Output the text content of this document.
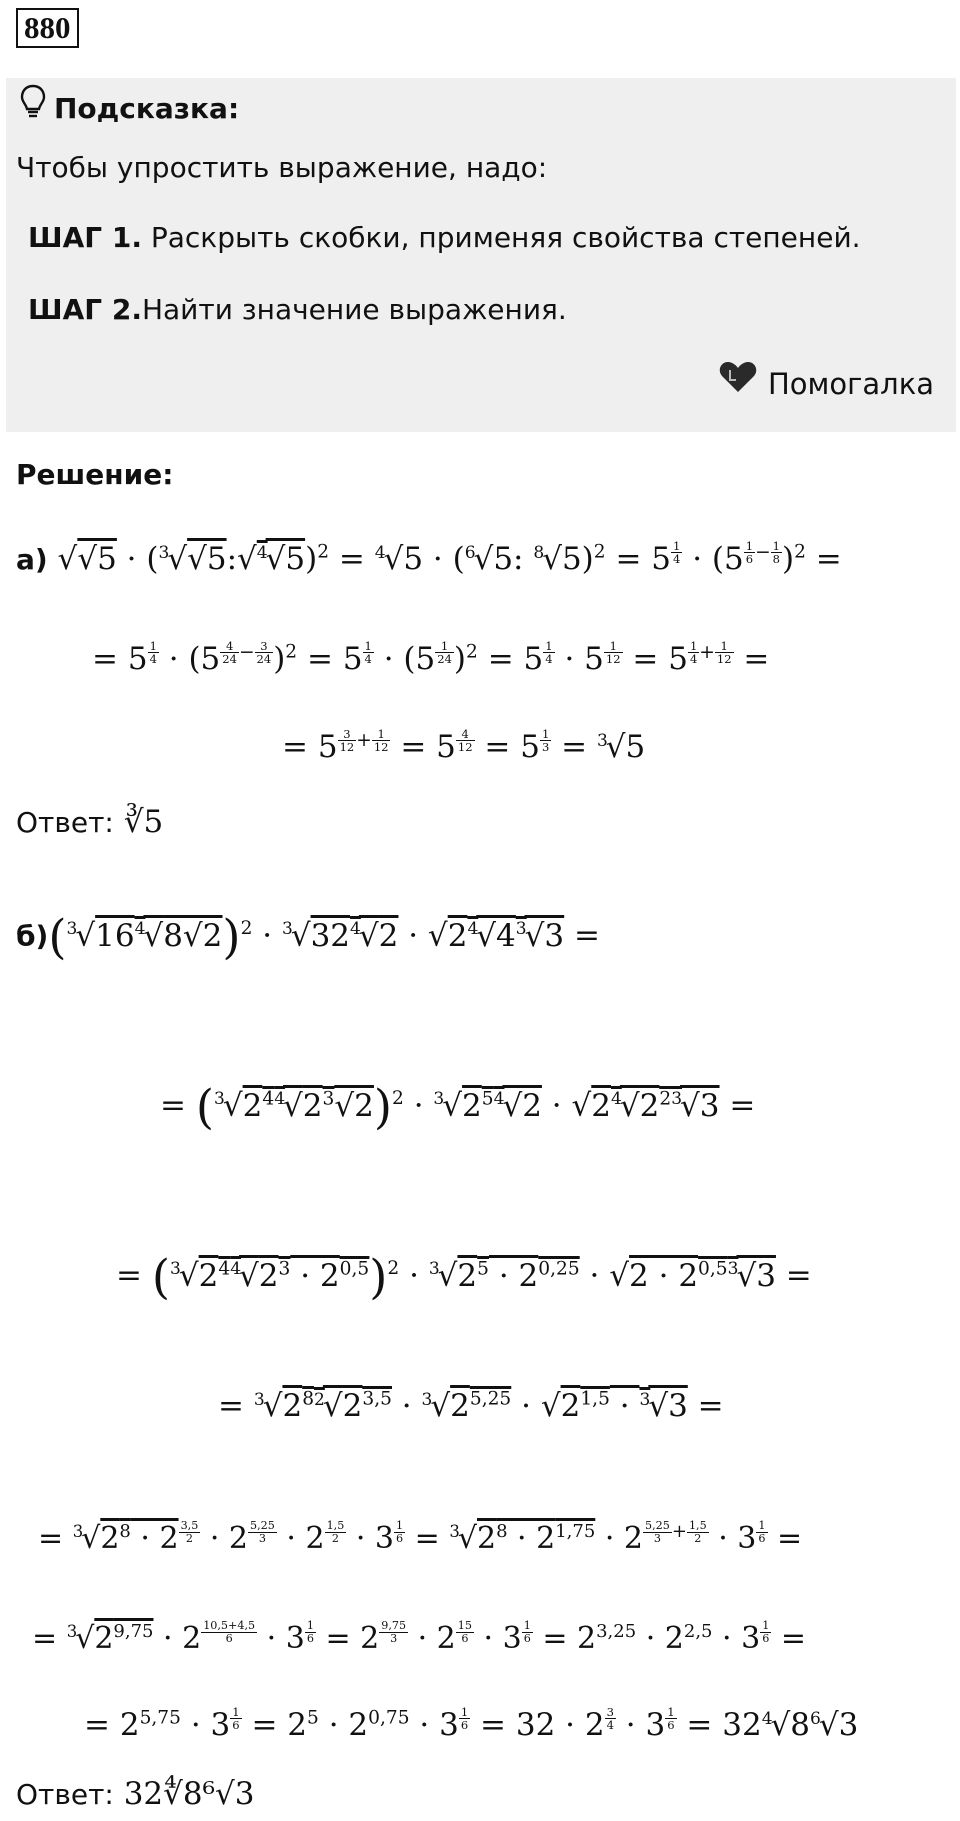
880
Подсказка:
Чтобы упростить выражение, надо:
ШАГ 1. Раскрыть скобки, применяя свойства степеней.
ШАГ 2.Найти значение выражения.
Помогалка
Решение:
а) √√5 · ($^3$√√5:√$^4$√5)$^2$ = $^4$√5 · ($^6$√5: $^8$√5)$^2$ = 5 $^{\frac{1}{4}}$ · (5 $^{\frac{1}{6} - \frac{1}{8}}$ )$^2$ =
= 5 $^{\frac{1}{4}}$ · (5 $^{\frac{4}{24} - \frac{3}{24}}$ )$^2$ = 5 $^{\frac{1}{4}}$ · (5 $^{\frac{1}{24}}$ )$^2$ = 5 $^{\frac{1}{4}}$ · 5 $^{\frac{1}{12}}$ = 5 $^{\frac{1}{4} + \frac{1}{12}}$ =
= 5 $^{\frac{3}{12} + \frac{1}{12}}$ = 5 $^{\frac{4}{12}}$ = 5 $^{\frac{1}{3}}$ = $^3$√5
Ответ: ∛5
$б)(^3√16^4√8√2)^2 \cdot ^3√32^4√2 \cdot √2^4√4^3√3$ =
= $(^3√2^{44}√2^3√2)^2 \cdot ^3√2^{54}√2 \cdot √2^4√2^{23}√3$ =
= $(^3√2^{44}√2^3 \cdot 2^{0,5})^2 \cdot ^3√2^5 \cdot 2^{0,25} \cdot √2 \cdot 2^{0,53}√3$ =
= $^3√2^{82}√2^{3,5} \cdot ^3√2^{5,25} \cdot √2^{1,5} \cdot ^3√3$ =
= $^3√2^8 \cdot 2$ $^{\frac{3,5}{2}}$ · 2 $^{\frac{5,25}{3}}$ · 2 $^{\frac{1,5}{2}}$ · 3 $^{\frac{1}{6}} = ^3√2^8 \cdot 2^{1,75} \cdot 2$ $^{\frac{5,25}{3} + \frac{1,5}{2}}$ · 3 $^{\frac{1}{6}}$ =
= $^3√2^{9,75} \cdot 2$ $^{\frac{10,5+4,5}{6}}$ · 3 $^{\frac{1}{6}}$ = 2 $^{\frac{9,75}{3}}$ · 2 $^{\frac{15}{6}}$ · 3 $^{\frac{1}{6}} = 2^{3,25} \cdot 2^{2,5} \cdot 3$ $^{\frac{1}{6}}$ =
= $2^{5,75} \cdot 3$ $^{\frac{1}{6}} = 2^5 \cdot 2^{0,75} \cdot 3$ $^{\frac{1}{6}}$ = 32 · 2 $^{\frac{3}{4}}$ · 3 $^{\frac{1}{6}} = 32^4√8^6√3$
Ответ: 32∜8⁶√3
